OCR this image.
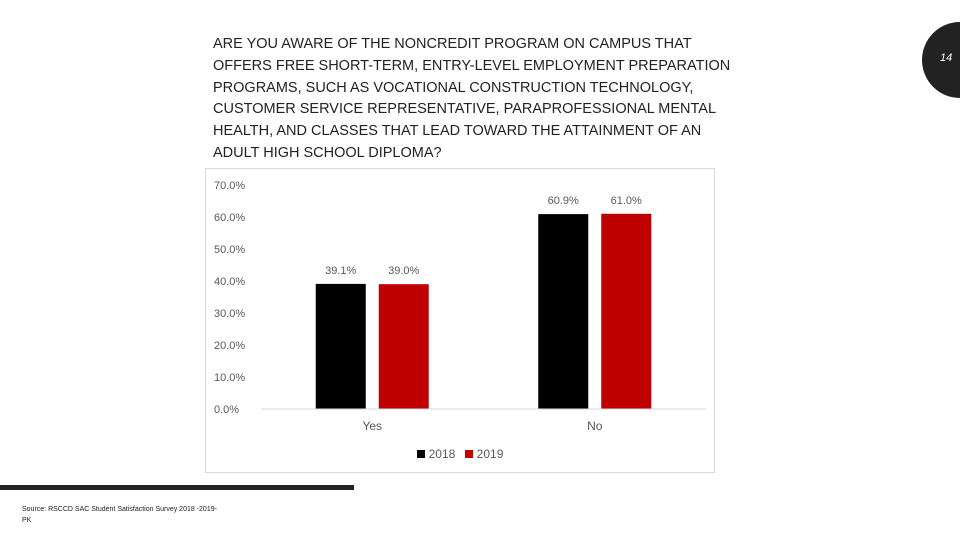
ARE YOU AWARE OF THE NONCREDIT PROGRAM ON CAMPUS THAT OFFERS FREE SHORT-TERM, ENTRY-LEVEL EMPLOYMENT PREPARATION PROGRAMS, SUCH AS VOCATIONAL CONSTRUCTION TECHNOLOGY, CUSTOMER SERVICE REPRESENTATIVE, PARAPROFESSIONAL MENTAL HEALTH, AND CLASSES THAT LEAD TOWARD THE ATTAINMENT OF AN ADULT HIGH SCHOOL DIPLOMA?

14
0.0%
10.0%
20.0%
30.0%
40.0%
50.0%
60.0%
70.0%
39.1%	39.0%
Yes
60.9%	61.0%
No
2018 2019
Source: RSCCD SAC Student Satisfaction Survey 2018 -2019-PK
